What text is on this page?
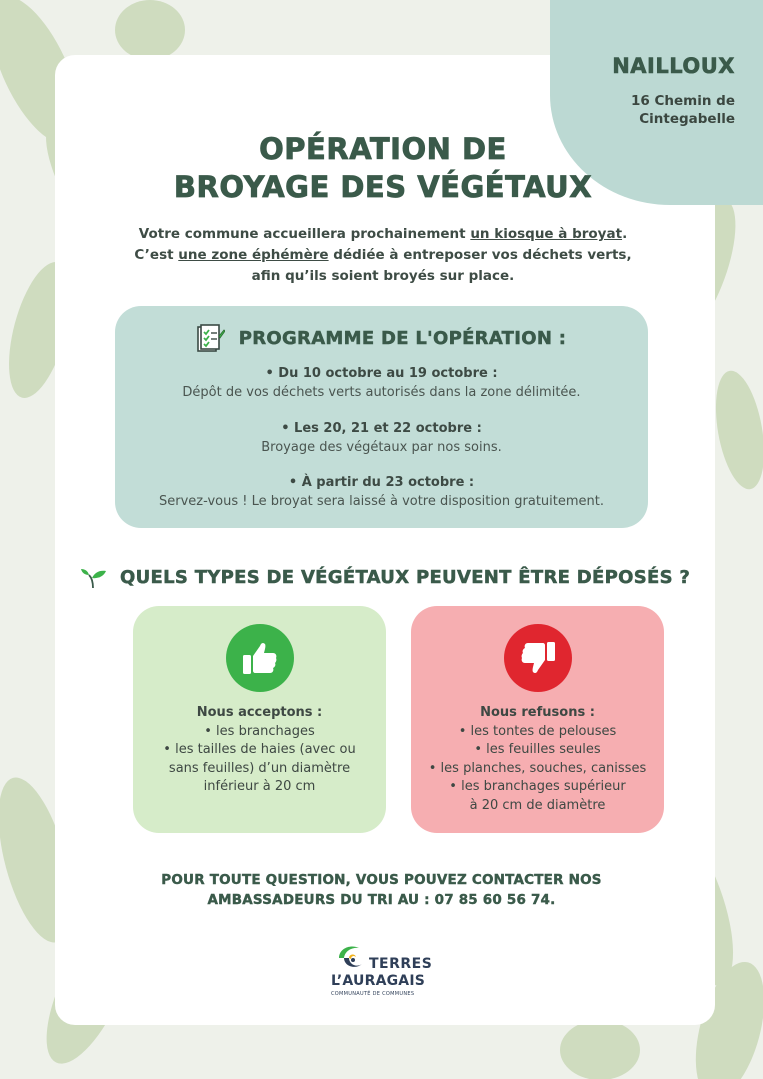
NAILLOUX
16 Chemin de
Cintegabelle
OPÉRATION DE
BROYAGE DES VÉGÉTAUX
Votre commune accueillera prochainement un kiosque à broyat.
C’est une zone éphémère dédiée à entreposer vos déchets verts,
afin qu’ils soient broyés sur place.
PROGRAMME DE L'OPÉRATION :
• Du 10 octobre au 19 octobre :
Dépôt de vos déchets verts autorisés dans la zone délimitée.
• Les 20, 21 et 22 octobre :
Broyage des végétaux par nos soins.
• À partir du 23 octobre :
Servez-vous ! Le broyat sera laissé à votre disposition gratuitement.
QUELS TYPES DE VÉGÉTAUX PEUVENT ÊTRE DÉPOSÉS ?
Nous acceptons :
• les branchages
• les tailles de haies (avec ou
sans feuilles) d’un diamètre
inférieur à 20 cm
Nous refusons :
• les tontes de pelouses
• les feuilles seules
• les planches, souches, canisses
• les branchages supérieur
à 20 cm de diamètre
POUR TOUTE QUESTION, VOUS POUVEZ CONTACTER NOS
AMBASSADEURS DU TRI AU : 07 85 60 56 74.
TERRES
L’AURAGAIS
COMMUNAUTÉ DE COMMUNES
